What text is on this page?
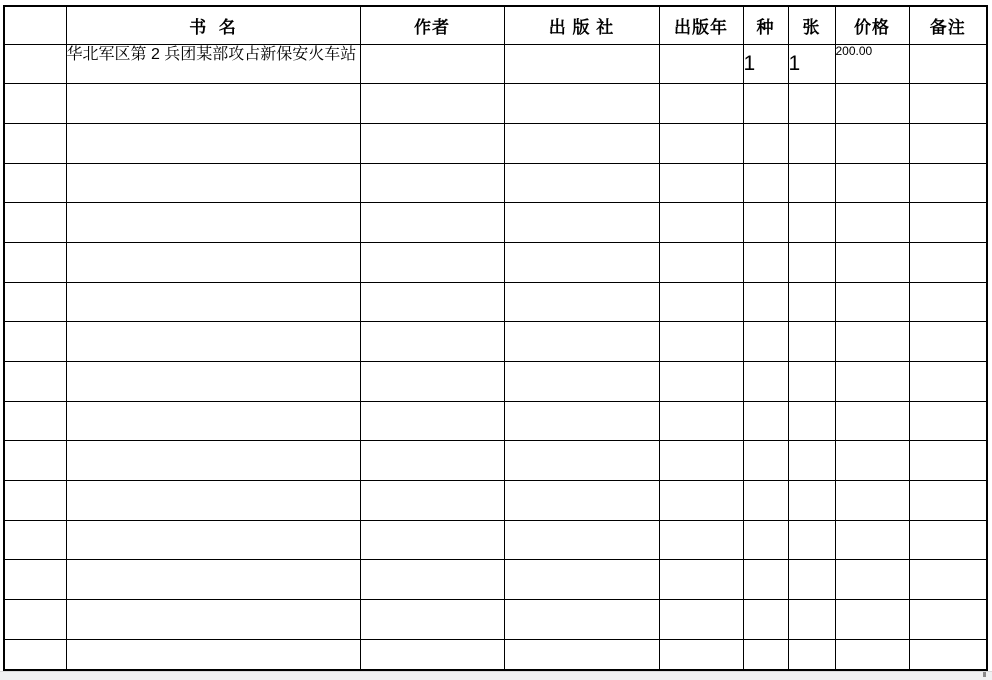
	书  名	作者	出 版 社	出版年	种	张	价格	备注
	华北军区第 2 兵团某部攻占新保安火车站				1	1	200.00	
